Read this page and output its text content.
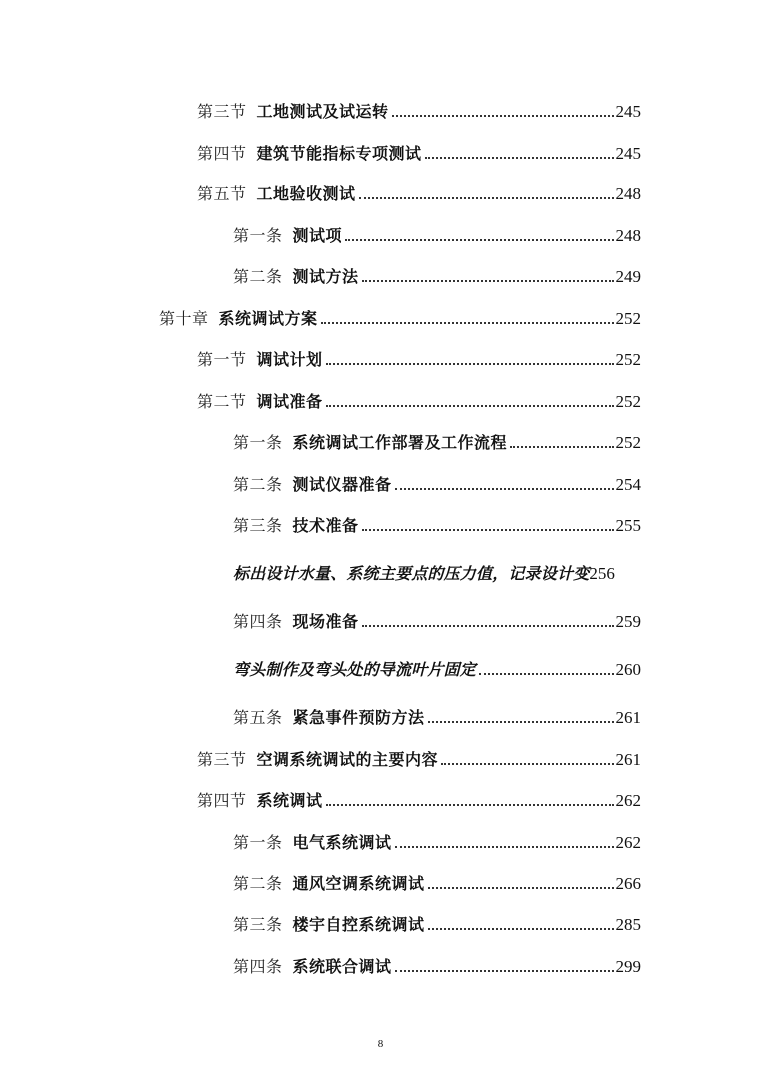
第三节 工地测试及试运转	245
第四节 建筑节能指标专项测试	245
第五节 工地验收测试	248
第一条 测试项	248
第二条 测试方法	249
第十章 系统调试方案	252
第一节 调试计划	252
第二节 调试准备	252
第一条 系统调试工作部署及工作流程	252
第二条 测试仪器准备	254
第三条 技术准备	255
标出设计水量、系统主要点的压力值，记录设计变 256
第四条 现场准备	259
弯头制作及弯头处的导流叶片固定	260
第五条 紧急事件预防方法	261
第三节 空调系统调试的主要内容	261
第四节 系统调试	262
第一条 电气系统调试	262
第二条 通风空调系统调试	266
第三条 楼宇自控系统调试	285
第四条 系统联合调试	299
8
